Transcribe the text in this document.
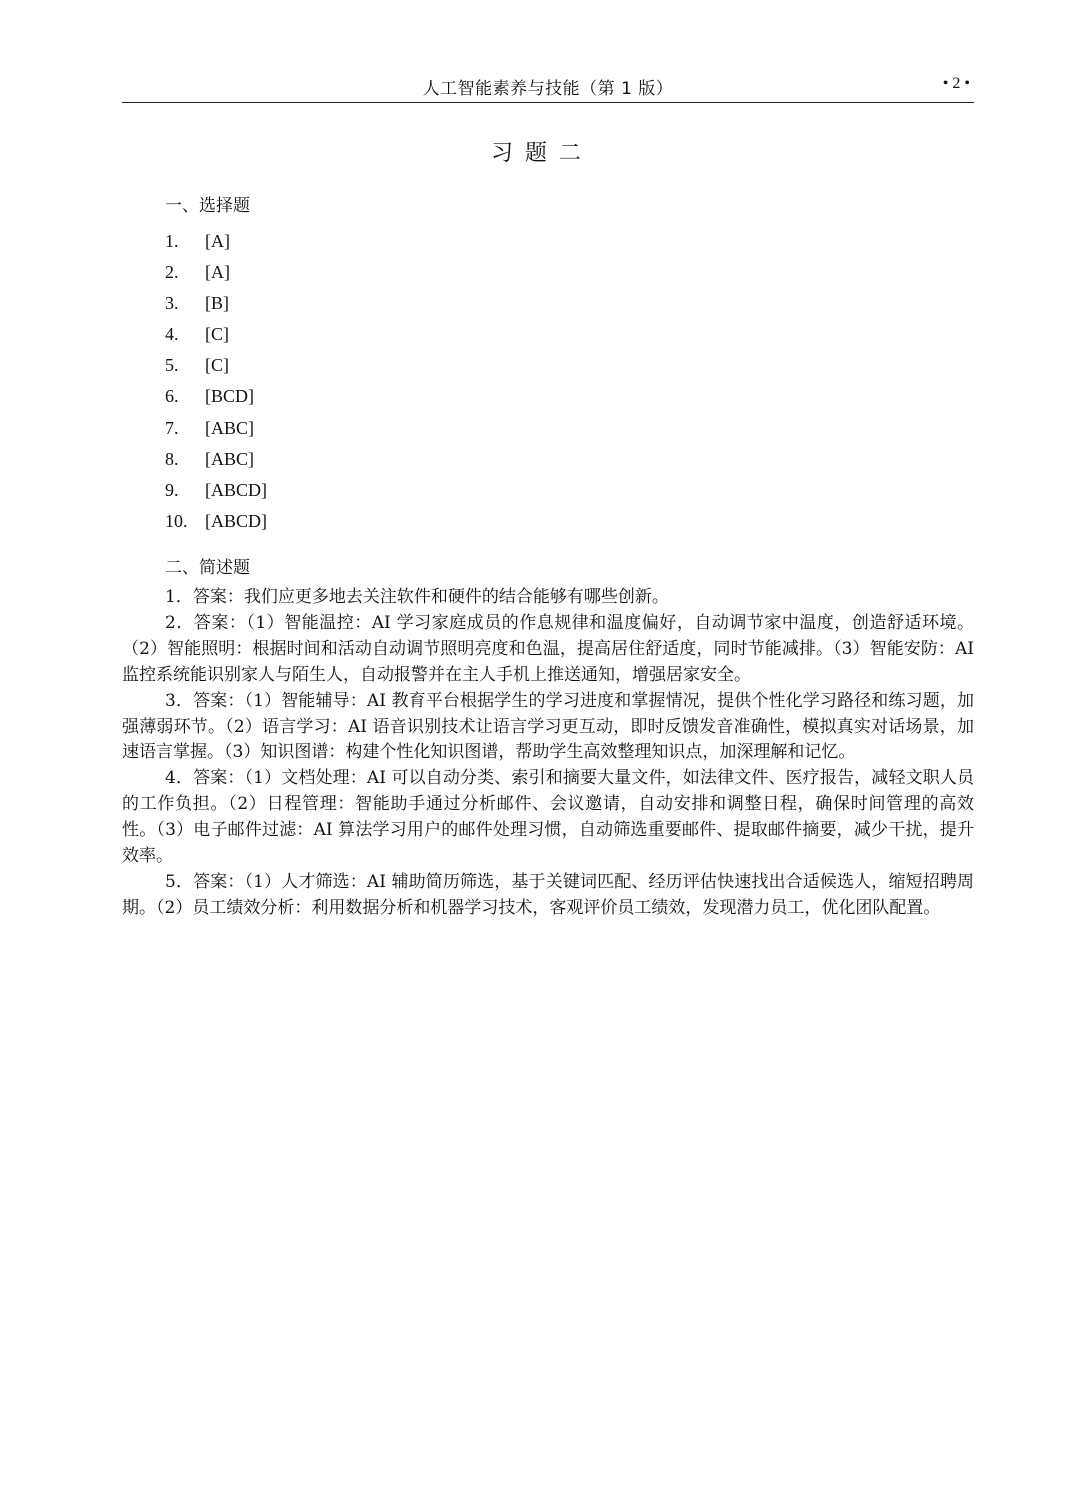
人工智能素养与技能（第 1 版）	• 2 •
习题二
一、选择题
1. [A]
2. [A]
3. [B]
4. [C]
5. [C]
6. [BCD]
7. [ABC]
8. [ABC]
9. [ABCD]
10. [ABCD]
二、简述题

1．答案：我们应更多地去关注软件和硬件的结合能够有哪些创新。

2．答案：（1）智能温控：AI 学习家庭成员的作息规律和温度偏好，自动调节家中温度，创造舒适环境。（2）智能照明：根据时间和活动自动调节照明亮度和色温，提高居住舒适度，同时节能减排。（3）智能安防：AI 监控系统能识别家人与陌生人，自动报警并在主人手机上推送通知，增强居家安全。

3．答案：（1）智能辅导：AI 教育平台根据学生的学习进度和掌握情况，提供个性化学习路径和练习题，加强薄弱环节。（2）语言学习：AI 语音识别技术让语言学习更互动，即时反馈发音准确性，模拟真实对话场景，加速语言掌握。（3）知识图谱：构建个性化知识图谱，帮助学生高效整理知识点，加深理解和记忆。

4．答案：（1）文档处理：AI 可以自动分类、索引和摘要大量文件，如法律文件、医疗报告，减轻文职人员的工作负担。（2）日程管理：智能助手通过分析邮件、会议邀请，自动安排和调整日程，确保时间管理的高效性。（3）电子邮件过滤：AI 算法学习用户的邮件处理习惯，自动筛选重要邮件、提取邮件摘要，减少干扰，提升效率。

5．答案：（1）人才筛选：AI 辅助简历筛选，基于关键词匹配、经历评估快速找出合适候选人，缩短招聘周期。（2）员工绩效分析：利用数据分析和机器学习技术，客观评价员工绩效，发现潜力员工，优化团队配置。
